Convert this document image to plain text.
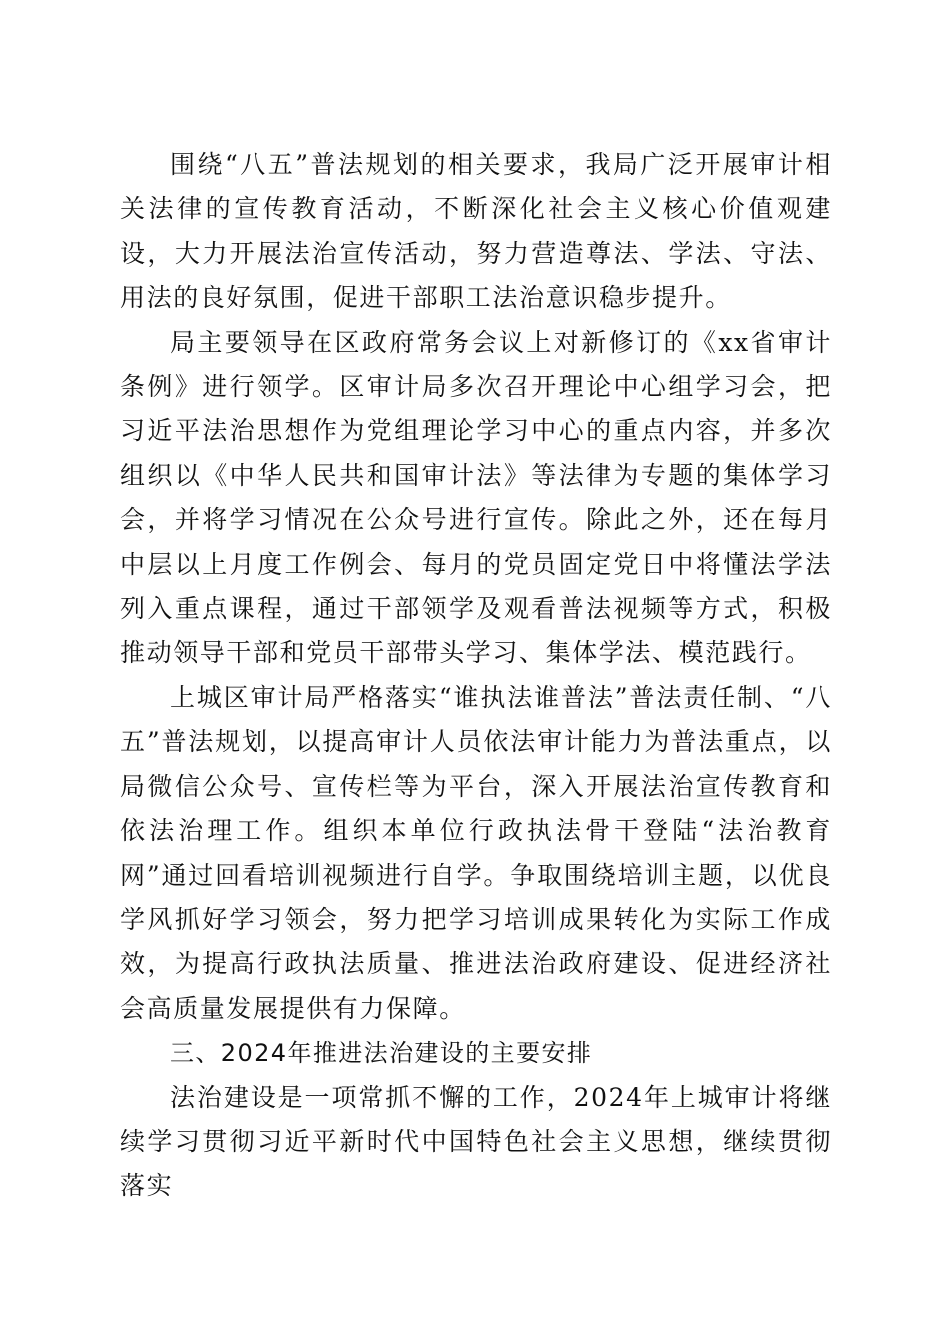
围绕“八五”普法规划的相关要求，我局广泛开展审计相关法律的宣传教育活动，不断深化社会主义核心价值观建设，大力开展法治宣传活动，努力营造尊法、学法、守法、用法的良好氛围，促进干部职工法治意识稳步提升。

局主要领导在区政府常务会议上对新修订的《xx省审计条例》进行领学。区审计局多次召开理论中心组学习会，把习近平法治思想作为党组理论学习中心的重点内容，并多次组织以《中华人民共和国审计法》等法律为专题的集体学习会，并将学习情况在公众号进行宣传。除此之外，还在每月中层以上月度工作例会、每月的党员固定党日中将懂法学法列入重点课程，通过干部领学及观看普法视频等方式，积极推动领导干部和党员干部带头学习、集体学法、模范践行。

上城区审计局严格落实“谁执法谁普法”普法责任制、“八五”普法规划，以提高审计人员依法审计能力为普法重点，以局微信公众号、宣传栏等为平台，深入开展法治宣传教育和依法治理工作。组织本单位行政执法骨干登陆“法治教育网”通过回看培训视频进行自学。争取围绕培训主题，以优良学风抓好学习领会，努力把学习培训成果转化为实际工作成效，为提高行政执法质量、推进法治政府建设、促进经济社会高质量发展提供有力保障。

三、2024年推进法治建设的主要安排

法治建设是一项常抓不懈的工作，2024年上城审计将继续学习贯彻习近平新时代中国特色社会主义思想，继续贯彻落实
